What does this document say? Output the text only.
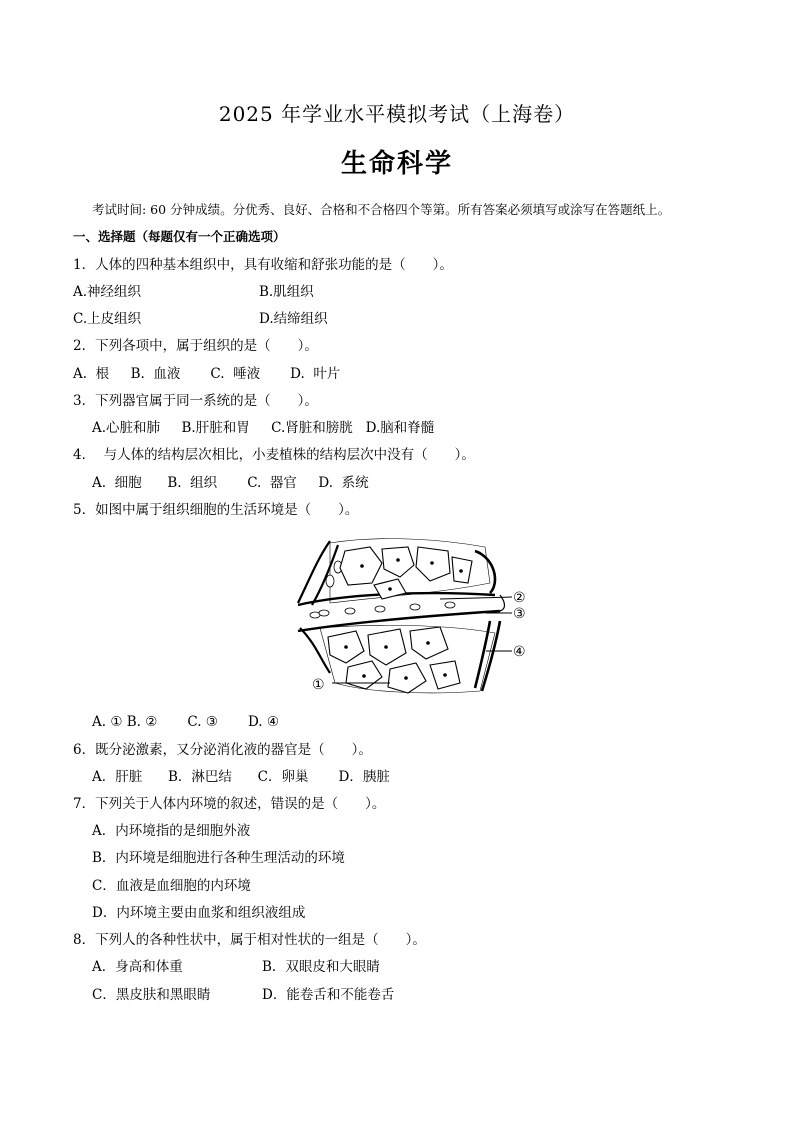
2025 年学业水平模拟考试（上海卷）
生命科学
考试时间: 60 分钟成绩。分优秀、良好、合格和不合格四个等第。所有答案必须填写或涂写在答题纸上。
一、选择题（每题仅有一个正确选项）
1．人体的四种基本组织中，具有收缩和舒张功能的是（　　）。
A.神经组织	B.肌组织
C.上皮组织	D.结缔组织
2．下列各项中，属于组织的是（　　）。
A.  根     B.  血液       C.  唾液       D.  叶片
3．下列器官属于同一系统的是（　　）。
A.心脏和肺     B.肝脏和胃     C.肾脏和膀胱   D.脑和脊髓
4．  与人体的结构层次相比，小麦植株的结构层次中没有（　　）。
A.  细胞      B.  组织       C.  器官     D.  系统
5．如图中属于组织细胞的生活环境是（　　）。
②
③
④
①
A. ① B. ②       C. ③       D. ④
6．既分泌激素，又分泌消化液的器官是（　　）。
A．肝脏      B．淋巴结      C．卵巢       D．胰脏
7．下列关于人体内环境的叙述，错误的是（　　）。
A．内环境指的是细胞外液
B．内环境是细胞进行各种生理活动的环境
C．血液是血细胞的内环境
D．内环境主要由血浆和组织液组成
8．下列人的各种性状中，属于相对性状的一组是（　　）。
A．身高和体重	B．双眼皮和大眼睛
C．黑皮肤和黑眼睛	D．能卷舌和不能卷舌
